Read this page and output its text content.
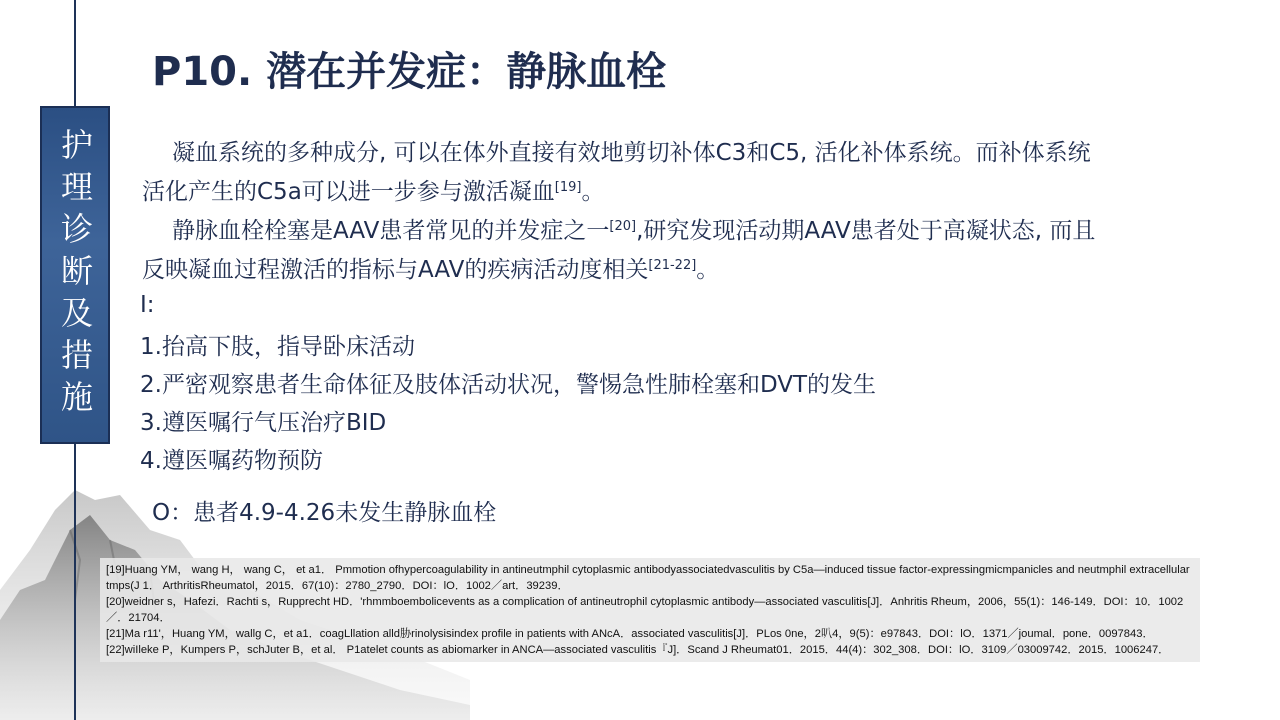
护理诊断及措施
P10. 潜在并发症：静脉血栓
凝血系统的多种成分, 可以在体外直接有效地剪切补体C3和C5, 活化补体系统。而补体系统活化产生的C5a可以进一步参与激活凝血[19]。
静脉血栓栓塞是AAV患者常见的并发症之一[20],研究发现活动期AAV患者处于高凝状态, 而且反映凝血过程激活的指标与AAV的疾病活动度相关[21-22]。
I:
1.抬高下肢，指导卧床活动
2.严密观察患者生命体征及肢体活动状况，警惕急性肺栓塞和DVT的发生
3.遵医嘱行气压治疗BID
4.遵医嘱药物预防
O：患者4.9-4.26未发生静脉血栓
[19]Huang YM， wang H， wang C， et a1． Pmmotion ofhypercoagulability in antineutmphil cytoplasmic antibodyassociatedvasculitis by C5a—induced tissue factor-expressingmicmpanicles and neutmphil extracellular tmps(J 1． ArthritisRheumatol，2015．67(10)：2780_2790．DOI：lO．1002／art．39239．
[20]weidner s，Hafezi．Rachti s，Rupprecht HD．'rhmmboembolicevents as a complication of antineutrophil cytoplasmic antibody—associated vasculitis[J]．Anhritis Rheum，2006，55(1)：146-149．DOI：10．1002／．21704．
[21]Ma r11'，Huang YM，wallg C，et a1．coagLllation alld胁rinolysisindex profile in patients with ANcA．associated vasculitis[J]．PLos 0ne，2叭4，9(5)：e97843．DOI：lO．1371／joumal．pone．0097843．
[22]wiIleke P，Kumpers P，schJuter B，et al． P1atelet counts as abiomarker in ANCA—associated vasculitis『J]．Scand J Rheumat01．2015．44(4)：302_308．DOI：lO．3109／03009742．2015．1006247．
